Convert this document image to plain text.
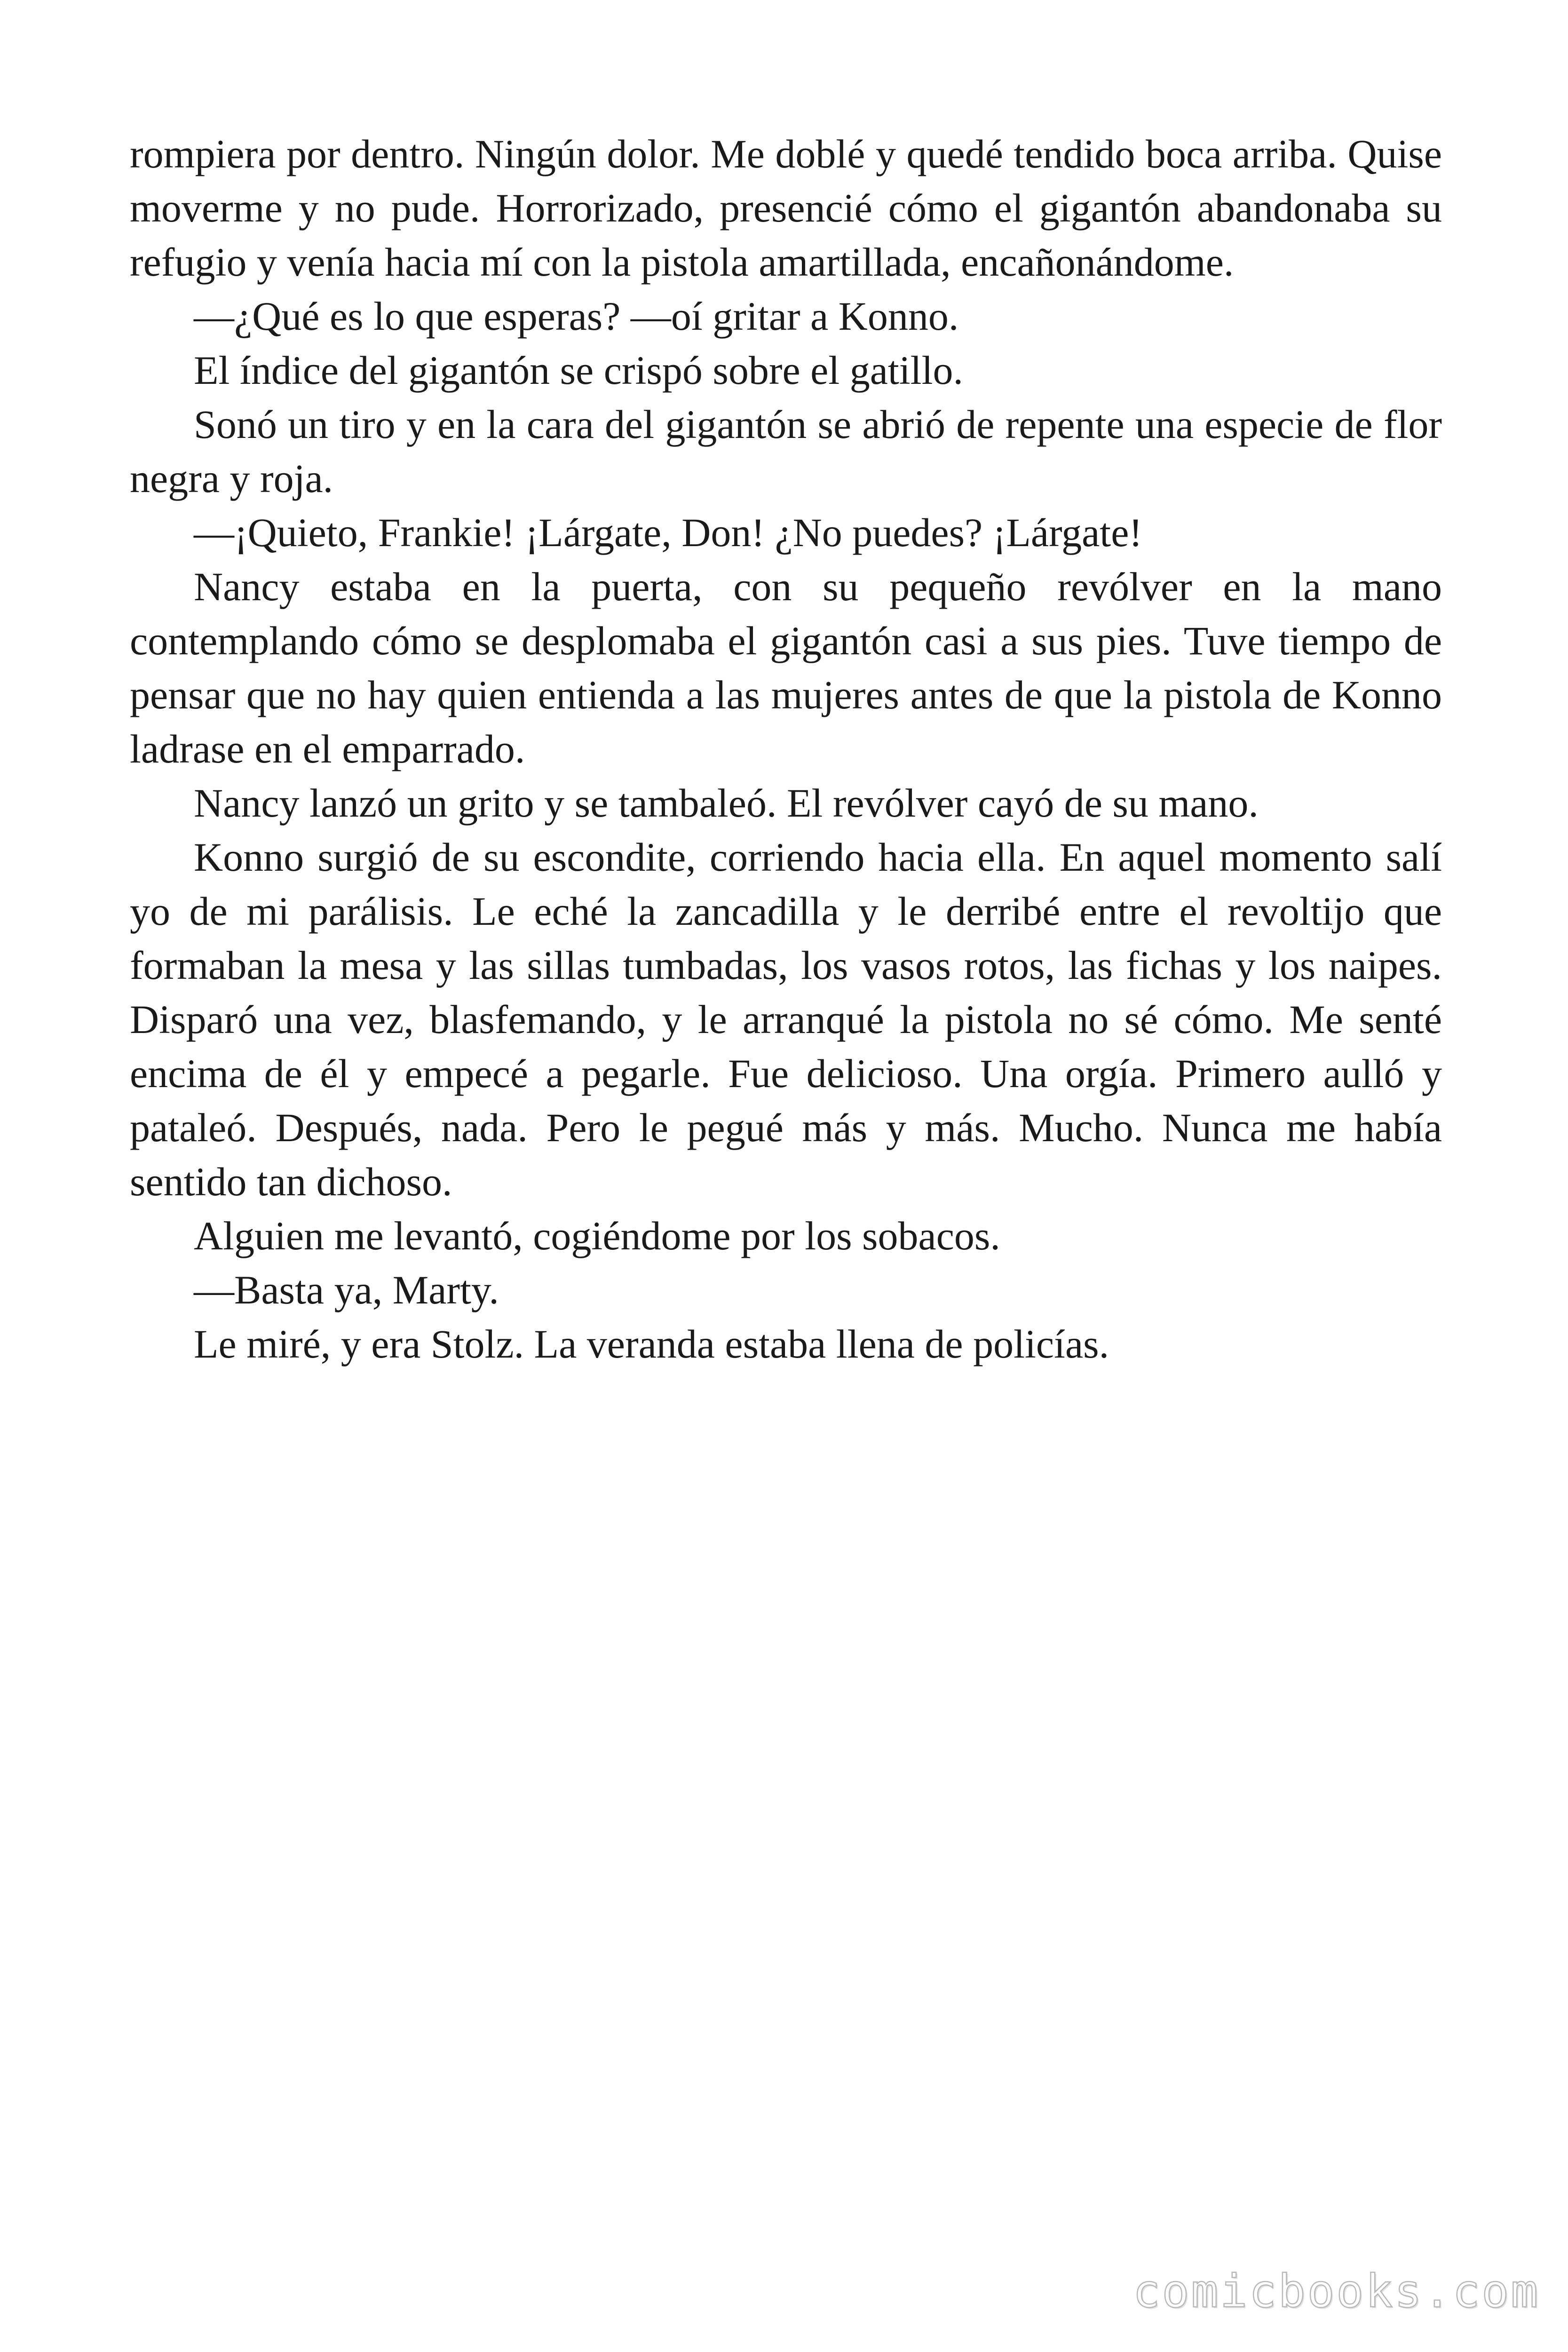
rompiera por dentro. Ningún dolor. Me doblé y quedé tendido boca arriba. Quise moverme y no pude. Horrorizado, presencié cómo el gigantón abandonaba su refugio y venía hacia mí con la pistola amartillada, encañonándome.

—¿Qué es lo que esperas? —oí gritar a Konno.

El índice del gigantón se crispó sobre el gatillo.

Sonó un tiro y en la cara del gigantón se abrió de repente una especie de flor negra y roja.

—¡Quieto, Frankie! ¡Lárgate, Don! ¿No puedes? ¡Lárgate!

Nancy estaba en la puerta, con su pequeño revólver en la mano contemplando cómo se desplomaba el gigantón casi a sus pies. Tuve tiempo de pensar que no hay quien entienda a las mujeres antes de que la pistola de Konno ladrase en el emparrado.

Nancy lanzó un grito y se tambaleó. El revólver cayó de su mano.

Konno surgió de su escondite, corriendo hacia ella. En aquel momento salí yo de mi parálisis. Le eché la zancadilla y le derribé entre el revoltijo que formaban la mesa y las sillas tumbadas, los vasos rotos, las fichas y los naipes. Disparó una vez, blasfemando, y le arranqué la pistola no sé cómo. Me senté encima de él y empecé a pegarle. Fue delicioso. Una orgía. Primero aulló y pataleó. Después, nada. Pero le pegué más y más. Mucho. Nunca me había sentido tan dichoso.

Alguien me levantó, cogiéndome por los sobacos.

—Basta ya, Marty.

Le miré, y era Stolz. La veranda estaba llena de policías.

comicbooks.com
